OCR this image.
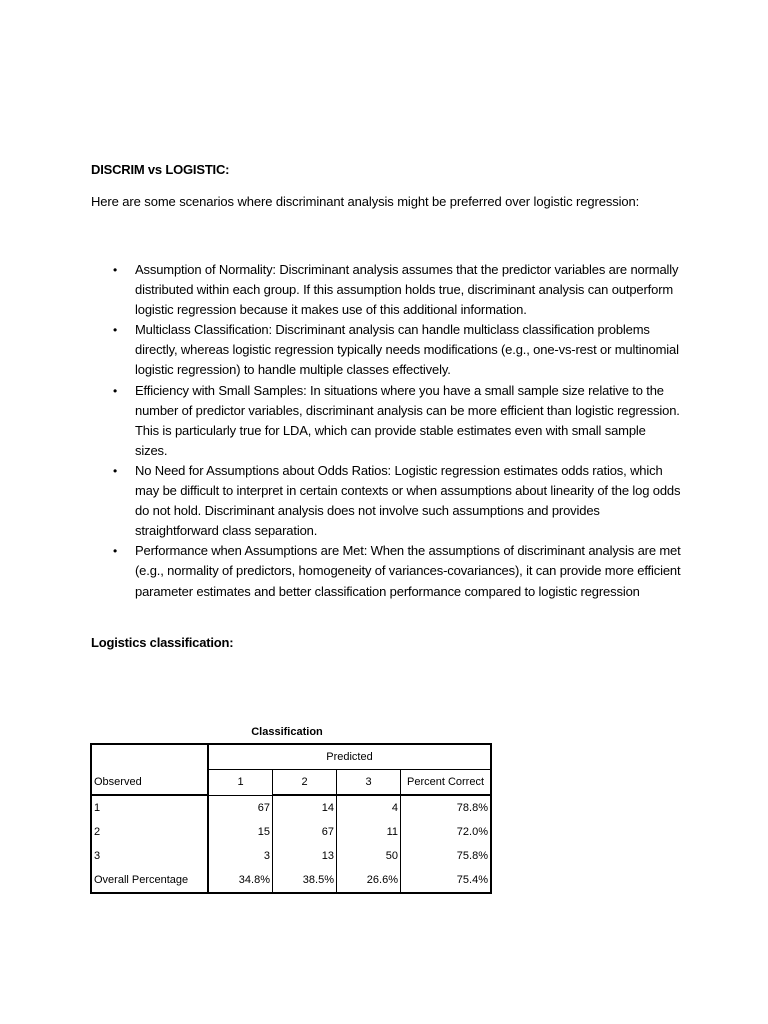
DISCRIM vs LOGISTIC:
Here are some scenarios where discriminant analysis might be preferred over logistic regression:
• Assumption of Normality: Discriminant analysis assumes that the predictor variables are normally distributed within each group. If this assumption holds true, discriminant analysis can outperform logistic regression because it makes use of this additional information.
• Multiclass Classification: Discriminant analysis can handle multiclass classification problems directly, whereas logistic regression typically needs modifications (e.g., one-vs-rest or multinomial logistic regression) to handle multiple classes effectively.
• Efficiency with Small Samples: In situations where you have a small sample size relative to the number of predictor variables, discriminant analysis can be more efficient than logistic regression. This is particularly true for LDA, which can provide stable estimates even with small sample sizes.
• No Need for Assumptions about Odds Ratios: Logistic regression estimates odds ratios, which may be difficult to interpret in certain contexts or when assumptions about linearity of the log odds do not hold. Discriminant analysis does not involve such assumptions and provides straightforward class separation.
• Performance when Assumptions are Met: When the assumptions of discriminant analysis are met (e.g., normality of predictors, homogeneity of variances-covariances), it can provide more efficient parameter estimates and better classification performance compared to logistic regression
Logistics classification:
Classification
	Predicted			
Observed	1	2	3	Percent Correct
1	67	14	4	78.8%
2	15	67	11	72.0%
3	3	13	50	75.8%
Overall Percentage	34.8%	38.5%	26.6%	75.4%
